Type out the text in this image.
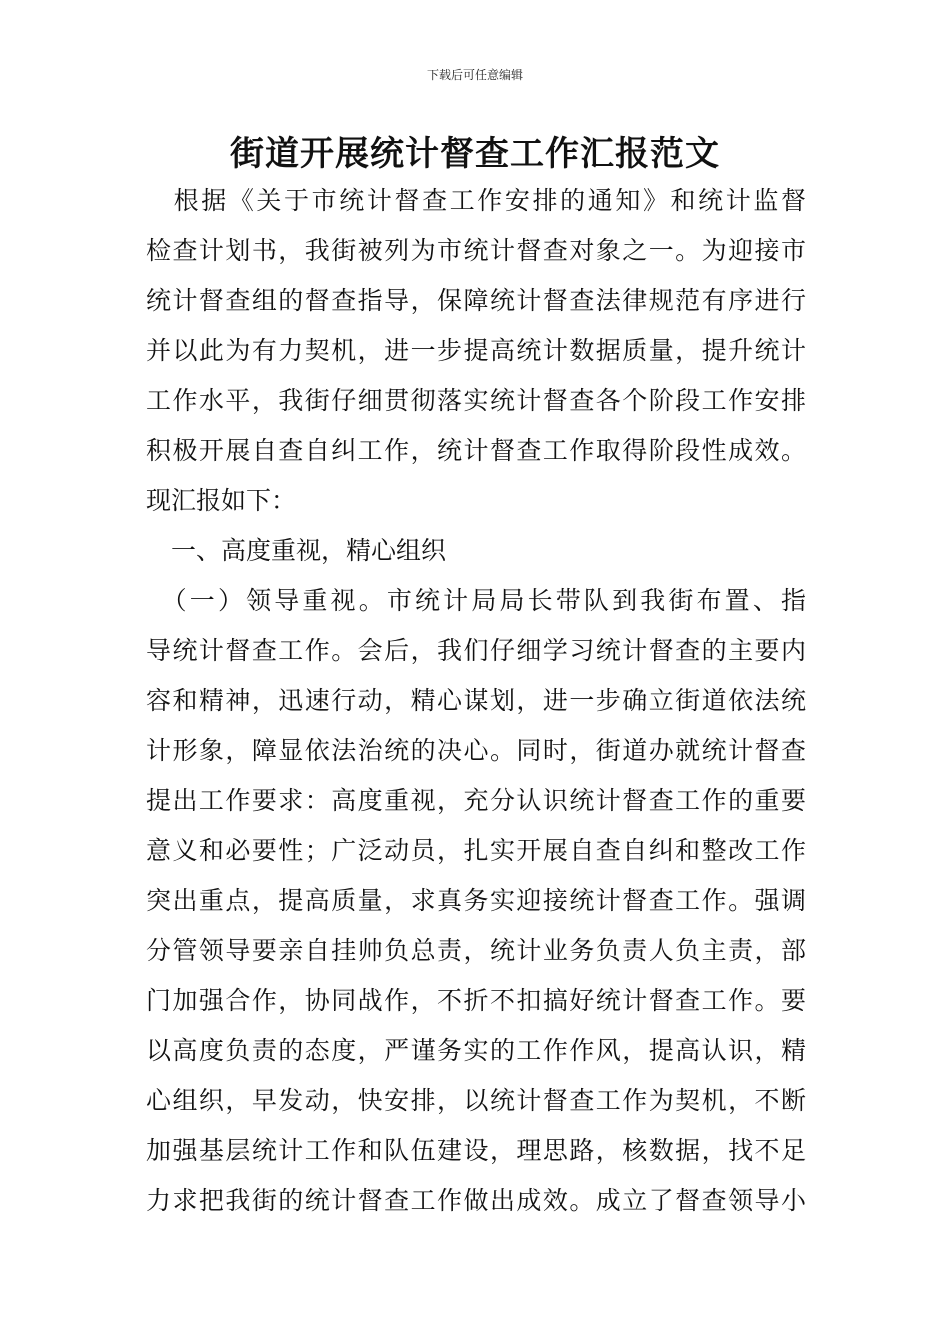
下载后可任意编辑
街道开展统计督查工作汇报范文
　根据《关于市统计督查工作安排的通知》和统计监督
检查计划书，我街被列为市统计督查对象之一。为迎接市
统计督查组的督查指导，保障统计督查法律规范有序进行
并以此为有力契机，进一步提高统计数据质量，提升统计
工作水平，我街仔细贯彻落实统计督查各个阶段工作安排
积极开展自查自纠工作，统计督查工作取得阶段性成效。
现汇报如下：
　一、高度重视，精心组织
　（一）领导重视。市统计局局长带队到我街布置、指
导统计督查工作。会后，我们仔细学习统计督查的主要内
容和精神，迅速行动，精心谋划，进一步确立街道依法统
计形象，障显依法治统的决心。同时，街道办就统计督查
提出工作要求：高度重视，充分认识统计督查工作的重要
意义和必要性；广泛动员，扎实开展自查自纠和整改工作
突出重点，提高质量，求真务实迎接统计督查工作。强调
分管领导要亲自挂帅负总责，统计业务负责人负主责，部
门加强合作，协同战作，不折不扣搞好统计督查工作。要
以高度负责的态度，严谨务实的工作作风，提高认识，精
心组织，早发动，快安排，以统计督查工作为契机，不断
加强基层统计工作和队伍建设，理思路，核数据，找不足
力求把我街的统计督查工作做出成效。成立了督查领导小
